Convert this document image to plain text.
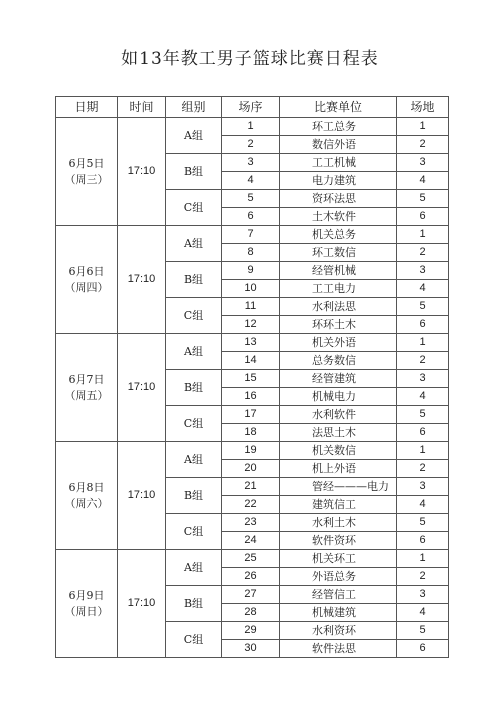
如13年教工男子篮球比赛日程表
日期	时间	组别	场序	比赛单位	场地
6月5日（周三）	17:10	A组	1	环工总务	1
			2	数信外语	2
		B组	3	工工机械	3
			4	电力建筑	4
		C组	5	资环法思	5
			6	土木软件	6
6月6日（周四）	17:10	A组	7	机关总务	1
			8	环工数信	2
		B组	9	经管机械	3
			10	工工电力	4
		C组	11	水利法思	5
			12	环环土木	6
6月7日（周五）	17:10	A组	13	机关外语	1
			14	总务数信	2
		B组	15	经管建筑	3
			16	机械电力	4
		C组	17	水利软件	5
			18	法思土木	6
6月8日（周六）	17:10	A组	19	机关数信	1
			20	机上外语	2
		B组	21	管经———电力	3
			22	建筑信工	4
		C组	23	水利土木	5
			24	软件资环	6
6月9日（周日）	17:10	A组	25	机关环工	1
			26	外语总务	2
		B组	27	经管信工	3
			28	机械建筑	4
		C组	29	水利资环	5
			30	软件法思	6
